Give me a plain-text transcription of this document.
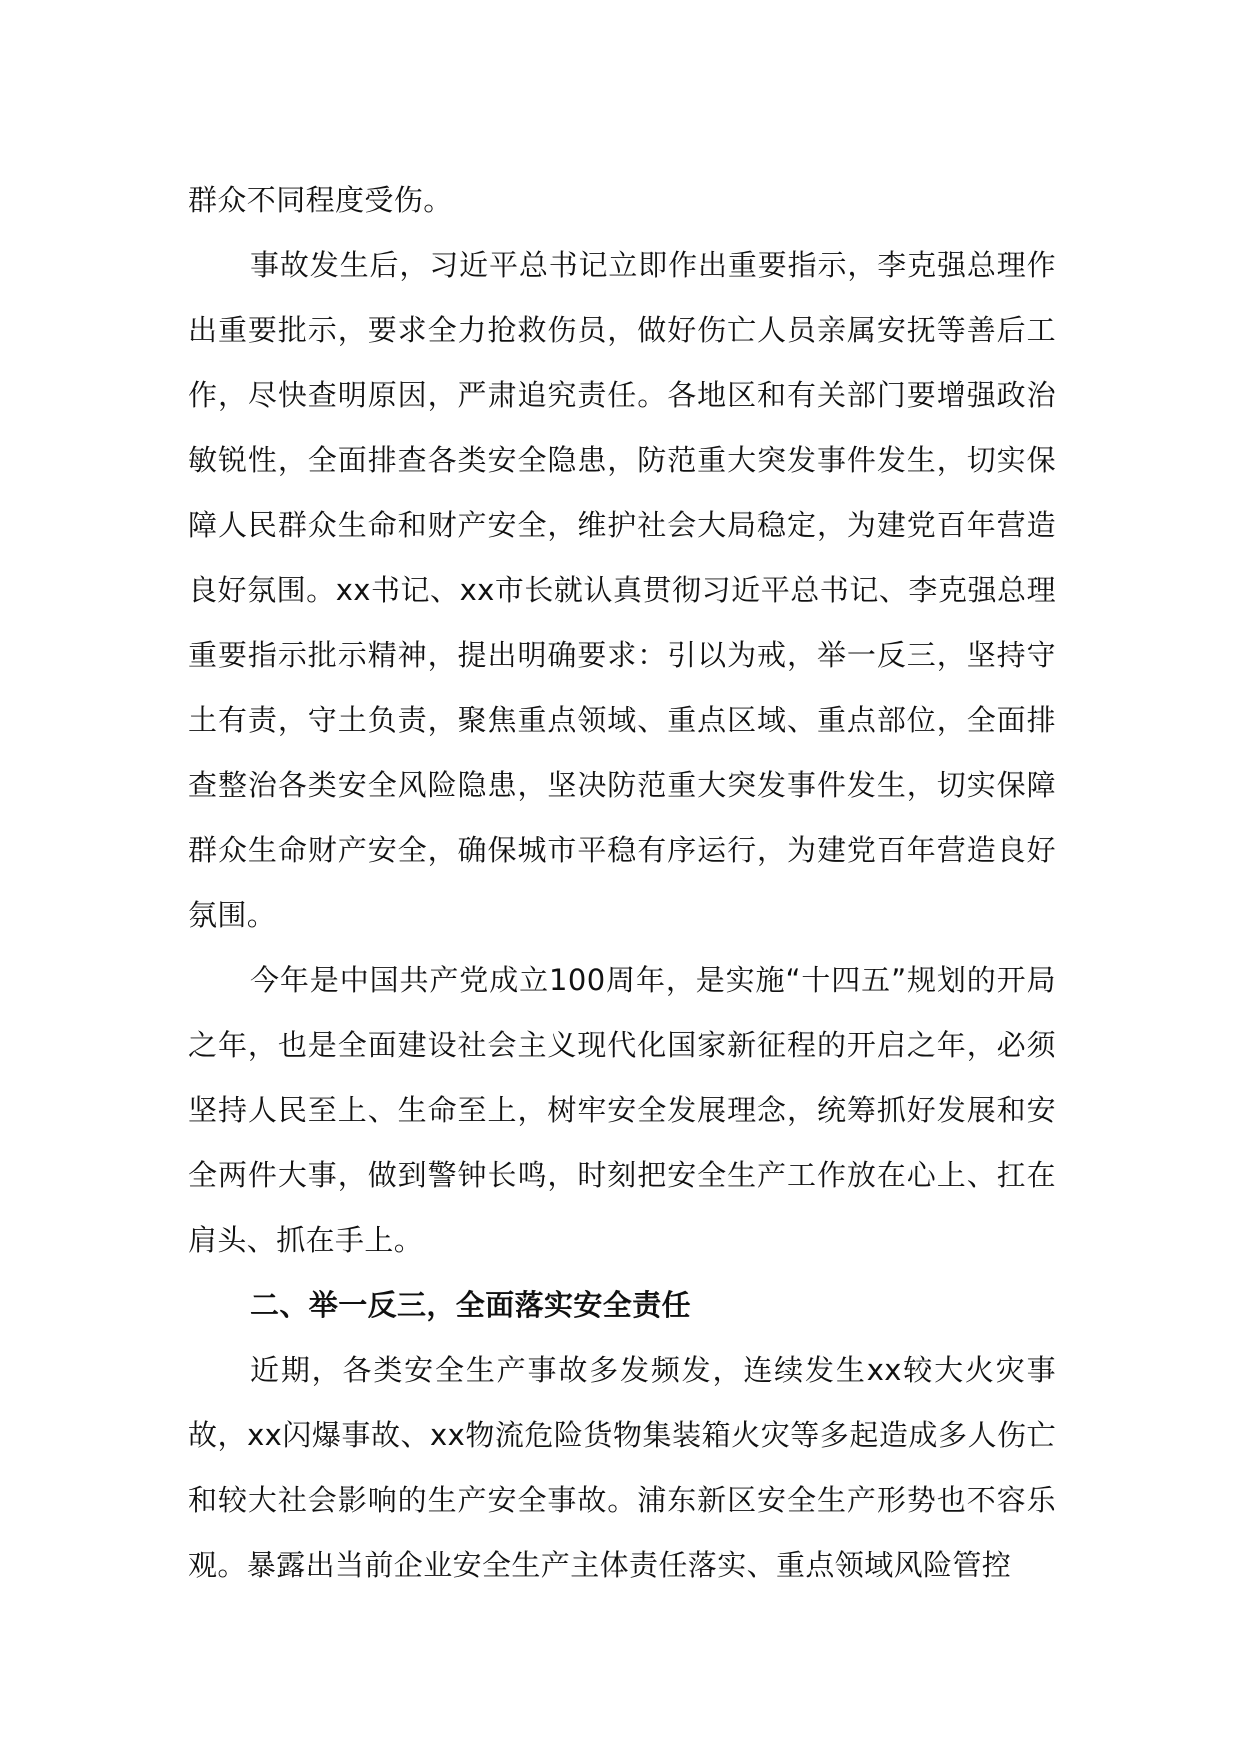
群众不同程度受伤。

事故发生后，习近平总书记立即作出重要指示，李克强总理作出重要批示，要求全力抢救伤员，做好伤亡人员亲属安抚等善后工作，尽快查明原因，严肃追究责任。各地区和有关部门要增强政治敏锐性，全面排查各类安全隐患，防范重大突发事件发生，切实保障人民群众生命和财产安全，维护社会大局稳定，为建党百年营造良好氛围。xx书记、xx市长就认真贯彻习近平总书记、李克强总理重要指示批示精神，提出明确要求：引以为戒，举一反三，坚持守土有责，守土负责，聚焦重点领域、重点区域、重点部位，全面排查整治各类安全风险隐患，坚决防范重大突发事件发生，切实保障群众生命财产安全，确保城市平稳有序运行，为建党百年营造良好氛围。

今年是中国共产党成立100周年，是实施“十四五”规划的开局之年，也是全面建设社会主义现代化国家新征程的开启之年，必须坚持人民至上、生命至上，树牢安全发展理念，统筹抓好发展和安全两件大事，做到警钟长鸣，时刻把安全生产工作放在心上、扛在肩头、抓在手上。

二、举一反三，全面落实安全责任

近期，各类安全生产事故多发频发，连续发生xx较大火灾事故，xx闪爆事故、xx物流危险货物集装箱火灾等多起造成多人伤亡和较大社会影响的生产安全事故。浦东新区安全生产形势也不容乐观。暴露出当前企业安全生产主体责任落实、重点领域风险管控
